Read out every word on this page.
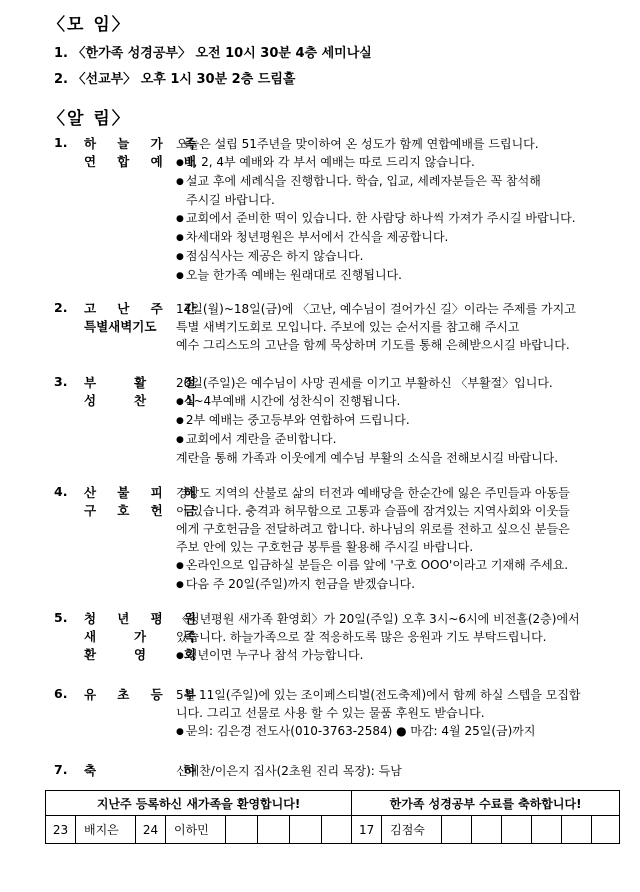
〈모 임〉
1. 〈한가족 성경공부〉 오전 10시 30분 4층 세미나실
2. 〈선교부〉 오후 1시 30분 2층 드림홀
〈알 림〉
1. 하 늘 가 족
연 합 예 배
오늘은 설립 51주년을 맞이하여 온 성도가 함께 연합예배를 드립니다.
● 1, 2, 4부 예배와 각 부서 예배는 따로 드리지 않습니다.
● 설교 후에 세례식을 진행합니다. 학습, 입교, 세례자분들은 꼭 참석해
주시길 바랍니다.
● 교회에서 준비한 떡이 있습니다. 한 사람당 하나씩 가져가 주시길 바랍니다.
● 차세대와 청년평원은 부서에서 간식을 제공합니다.
● 점심식사는 제공은 하지 않습니다.
● 오늘 한가족 예배는 원래대로 진행됩니다.
2. 고 난 주 간
특별새벽기도
14일(월)~18일(금)에 〈고난, 예수님이 걸어가신 길〉이라는 주제를 가지고
특별 새벽기도회로 모입니다. 주보에 있는 순서지를 참고해 주시고
예수 그리스도의 고난을 함께 묵상하며 기도를 통해 은혜받으시길 바랍니다.
3. 부 활 절
성 찬 식
20일(주일)은 예수님이 사망 권세를 이기고 부활하신 〈부활절〉입니다.
● 1~4부예배 시간에 성찬식이 진행됩니다.
● 2부 예배는 중고등부와 연합하여 드립니다.
● 교회에서 계란을 준비합니다.
계란을 통해 가족과 이웃에게 예수님 부활의 소식을 전해보시길 바랍니다.
4. 산 불 피 해
구 호 헌 금
경상도 지역의 산불로 삶의 터전과 예배당을 한순간에 잃은 주민들과 아동들
이 있습니다. 충격과 허무함으로 고통과 슬픔에 잠겨있는 지역사회와 이웃들
에게 구호헌금을 전달하려고 합니다. 하나님의 위로를 전하고 싶으신 분들은
주보 안에 있는 구호헌금 봉투를 활용해 주시길 바랍니다.
● 온라인으로 입금하실 분들은 이름 앞에 '구호 OOO'이라고 기재해 주세요.
● 다음 주 20일(주일)까지 헌금을 받겠습니다.
5. 청 년 평 원
새 가 족
환 영 회
〈청년평원 새가족 환영회〉가 20일(주일) 오후 3시~6시에 비전홀(2층)에서
있습니다. 하늘가족으로 잘 적응하도록 많은 응원과 기도 부탁드립니다.
● 청년이면 누구나 참석 가능합니다.
6. 유 초 등 부
5월 11일(주일)에 있는 조이페스티벌(전도축제)에서 함께 하실 스텝을 모집합
니다. 그리고 선물로 사용 할 수 있는 물품 후원도 받습니다.
● 문의: 김은경 전도사(010-3763-2584) ● 마감: 4월 25일(금)까지
7. 축 하
신예찬/이은지 집사(2초원 진리 목장): 득남
지난주 등록하신 새가족을 환영합니다!								한가족 성경공부 수료를 축하합니다!							
23	배지은	24	이하민					17	김점숙						
